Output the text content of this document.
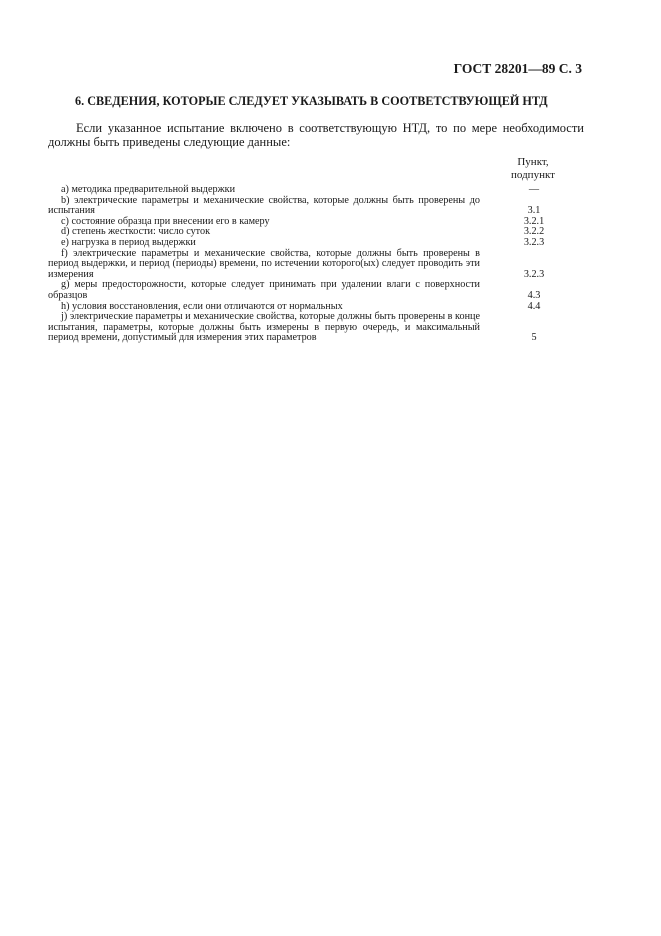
ГОСТ 28201—89 С. 3
6. СВЕДЕНИЯ, КОТОРЫЕ СЛЕДУЕТ УКАЗЫВАТЬ В СООТВЕТСТВУЮЩЕЙ НТД
Если указанное испытание включено в соответствующую НТД, то по мере необходимости должны быть приведены следующие данные:
Пункт,
подпункт
a) методика предварительной выдержки	—
b) электрические параметры и механические свойства, которые должны быть проверены до испытания	3.1
c) состояние образца при внесении его в камеру	3.2.1
d) степень жесткости: число суток	3.2.2
e) нагрузка в период выдержки	3.2.3
f) электрические параметры и механические свойства, которые должны быть проверены в период выдержки, и период (периоды) времени, по истечении которого(ых) следует проводить эти измерения	3.2.3
g) меры предосторожности, которые следует принимать при удалении влаги с поверхности образцов	4.3
h) условия восстановления, если они отличаются от нормальных	4.4
j) электрические параметры и механические свойства, которые должны быть проверены в конце испытания, параметры, которые должны быть измерены в первую очередь, и максимальный период времени, допустимый для измерения этих параметров	5
